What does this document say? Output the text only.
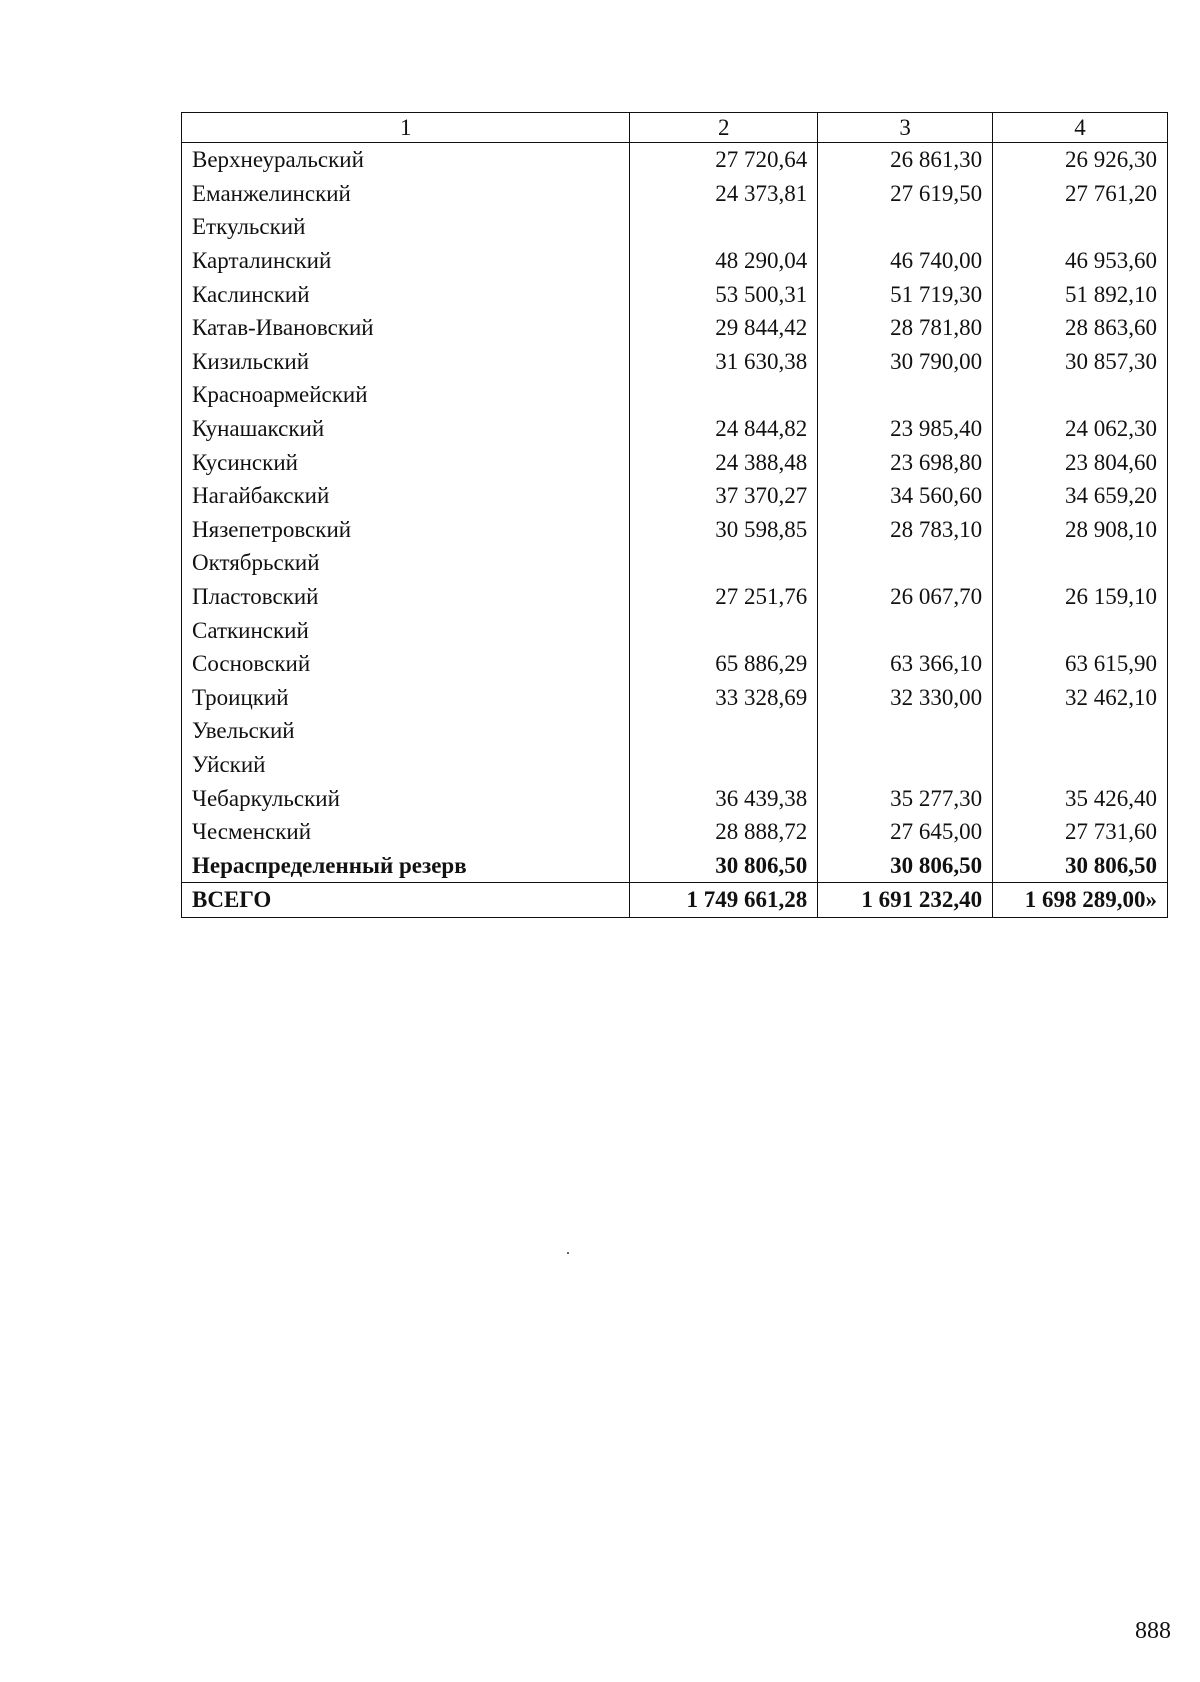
1	2	3	4
Верхнеуральский	27 720,64	26 861,30	26 926,30
Еманжелинский	24 373,81	27 619,50	27 761,20
Еткульский			
Карталинский	48 290,04	46 740,00	46 953,60
Каслинский	53 500,31	51 719,30	51 892,10
Катав-Ивановский	29 844,42	28 781,80	28 863,60
Кизильский	31 630,38	30 790,00	30 857,30
Красноармейский			
Кунашакский	24 844,82	23 985,40	24 062,30
Кусинский	24 388,48	23 698,80	23 804,60
Нагайбакский	37 370,27	34 560,60	34 659,20
Нязепетровский	30 598,85	28 783,10	28 908,10
Октябрьский			
Пластовский	27 251,76	26 067,70	26 159,10
Саткинский			
Сосновский	65 886,29	63 366,10	63 615,90
Троицкий	33 328,69	32 330,00	32 462,10
Увельский			
Уйский			
Чебаркульский	36 439,38	35 277,30	35 426,40
Чесменский	28 888,72	27 645,00	27 731,60
Нераспределенный резерв	30 806,50	30 806,50	30 806,50
ВСЕГО	1 749 661,28	1 691 232,40	1 698 289,00»
888
